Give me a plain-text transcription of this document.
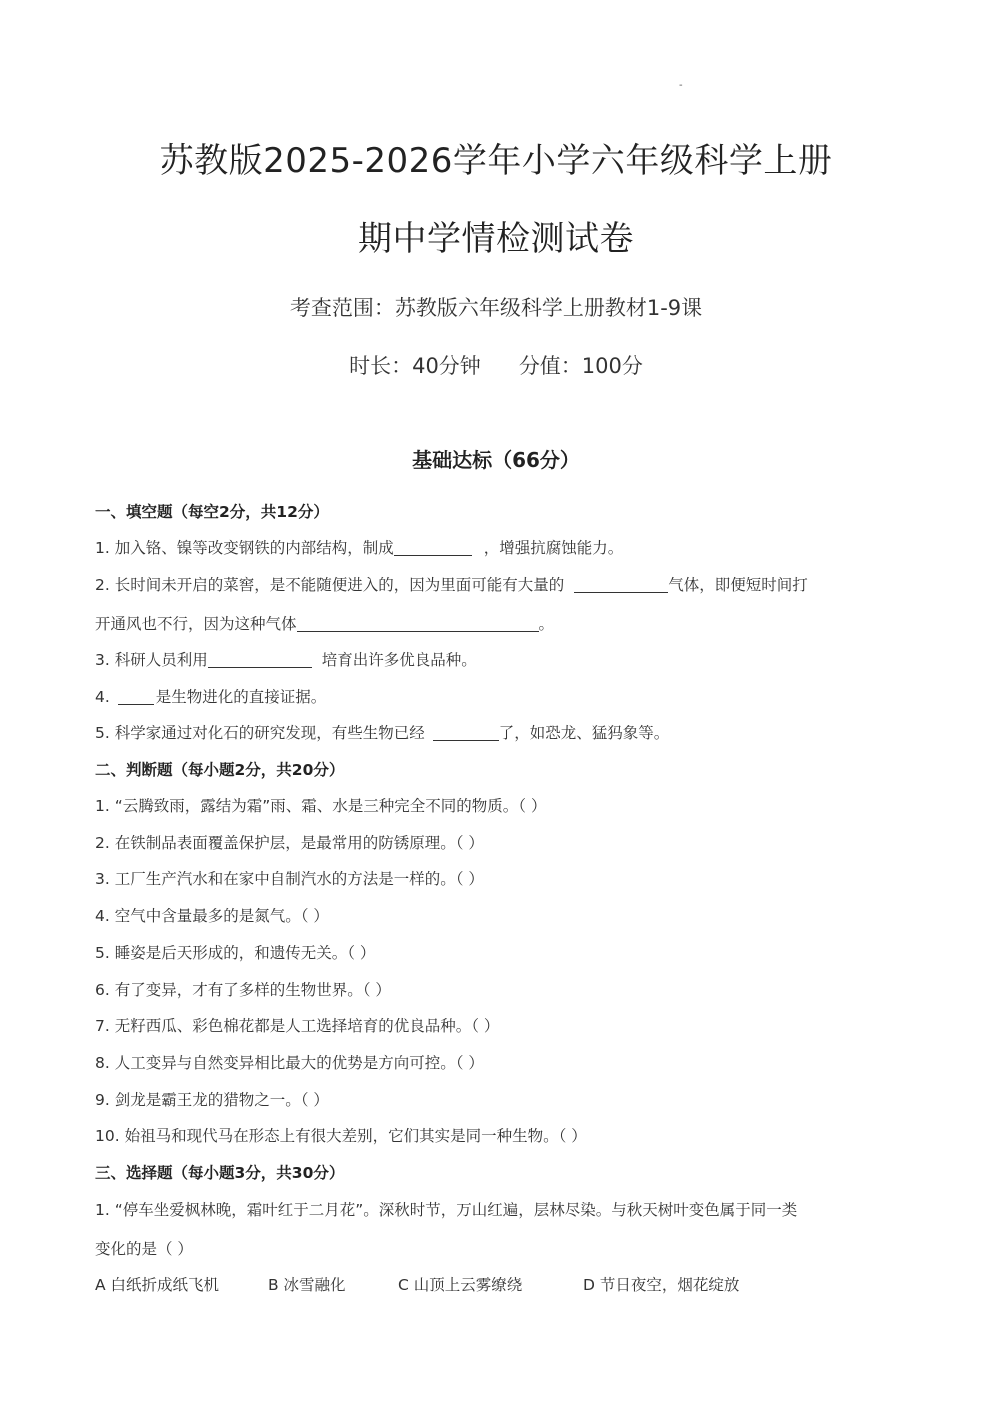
-
苏教版2025-2026学年小学六年级科学上册
期中学情检测试卷
考查范围：苏教版六年级科学上册教材1-9课
时长：40分钟 分值：100分
基础达标（66分）
一、填空题（每空2分，共12分）
1. 加入铬、镍等改变钢铁的内部结构，制成	，增强抗腐蚀能力。
2. 长时间未开启的菜窖，是不能随便进入的，因为里面可能有大量的	气体，即便短时间打
开通风也不行，因为这种气体	。
3. 科研人员利用	培育出许多优良品种。
4.	是生物进化的直接证据。
5. 科学家通过对化石的研究发现，有些生物已经	了，如恐龙、猛犸象等。
二、判断题（每小题2分，共20分）
1. “云腾致雨，露结为霜”雨、霜、水是三种完全不同的物质。（ ）
2. 在铁制品表面覆盖保护层，是最常用的防锈原理。（ ）
3. 工厂生产汽水和在家中自制汽水的方法是一样的。（ ）
4. 空气中含量最多的是氮气。（ ）
5. 睡姿是后天形成的，和遗传无关。（ ）
6. 有了变异，才有了多样的生物世界。（ ）
7. 无籽西瓜、彩色棉花都是人工选择培育的优良品种。（ ）
8. 人工变异与自然变异相比最大的优势是方向可控。（ ）
9. 剑龙是霸王龙的猎物之一。（ ）
10. 始祖马和现代马在形态上有很大差别，它们其实是同一种生物。（ ）
三、选择题（每小题3分，共30分）
1. “停车坐爱枫林晚，霜叶红于二月花”。深秋时节，万山红遍，层林尽染。与秋天树叶变色属于同一类
变化的是（ ）
A 白纸折成纸飞机	B 冰雪融化	C 山顶上云雾缭绕	D 节日夜空，烟花绽放
